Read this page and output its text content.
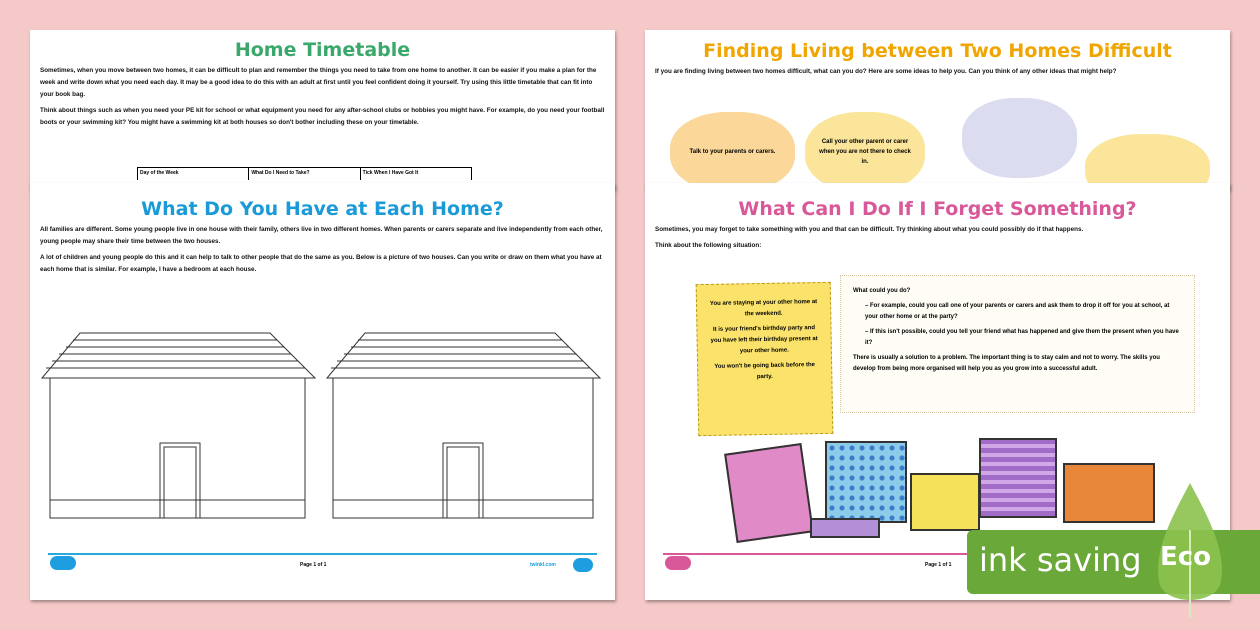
Home Timetable
Sometimes, when you move between two homes, it can be difficult to plan and remember the things you need to take from one home to another. It can be easier if you make a plan for the week and write down what you need each day. It may be a good idea to do this with an adult at first until you feel confident doing it yourself. Try using this little timetable that can fit into your book bag.
Think about things such as when you need your PE kit for school or what equipment you need for any after-school clubs or hobbies you might have. For example, do you need your football boots or your swimming kit? You might have a swimming kit at both houses so don't bother including these on your timetable.
Day of the Week	What Do I Need to Take?	Tick When I Have Got It
What Do You Have at Each Home?
All families are different. Some young people live in one house with their family, others live in two different homes. When parents or carers separate and live independently from each other, young people may share their time between the two houses.
A lot of children and young people do this and it can help to talk to other people that do the same as you. Below is a picture of two houses. Can you write or draw on them what you have at each home that is similar. For example, I have a bedroom at each house.
Page 1 of 1	twinkl.com
Finding Living between Two Homes Difficult
If you are finding living between two homes difficult, what can you do? Here are some ideas to help you. Can you think of any other ideas that might help?
Talk to your parents or carers.
Call your other parent or carer when you are not there to check in.
What Can I Do If I Forget Something?
Sometimes, you may forget to take something with you and that can be difficult. Try thinking about what you could possibly do if that happens.
Think about the following situation:
You are staying at your other home at the weekend.
It is your friend's birthday party and you have left their birthday present at your other home.
You won't be going back before the party.
What could you do?
– For example, could you call one of your parents or carers and ask them to drop it off for you at school, at your other home or at the party?
– If this isn't possible, could you tell your friend what has happened and give them the present when you have it?
There is usually a solution to a problem. The important thing is to stay calm and not to worry. The skills you develop from being more organised will help you as you grow into a successful adult.
Page 1 of 1 ink saving Eco
